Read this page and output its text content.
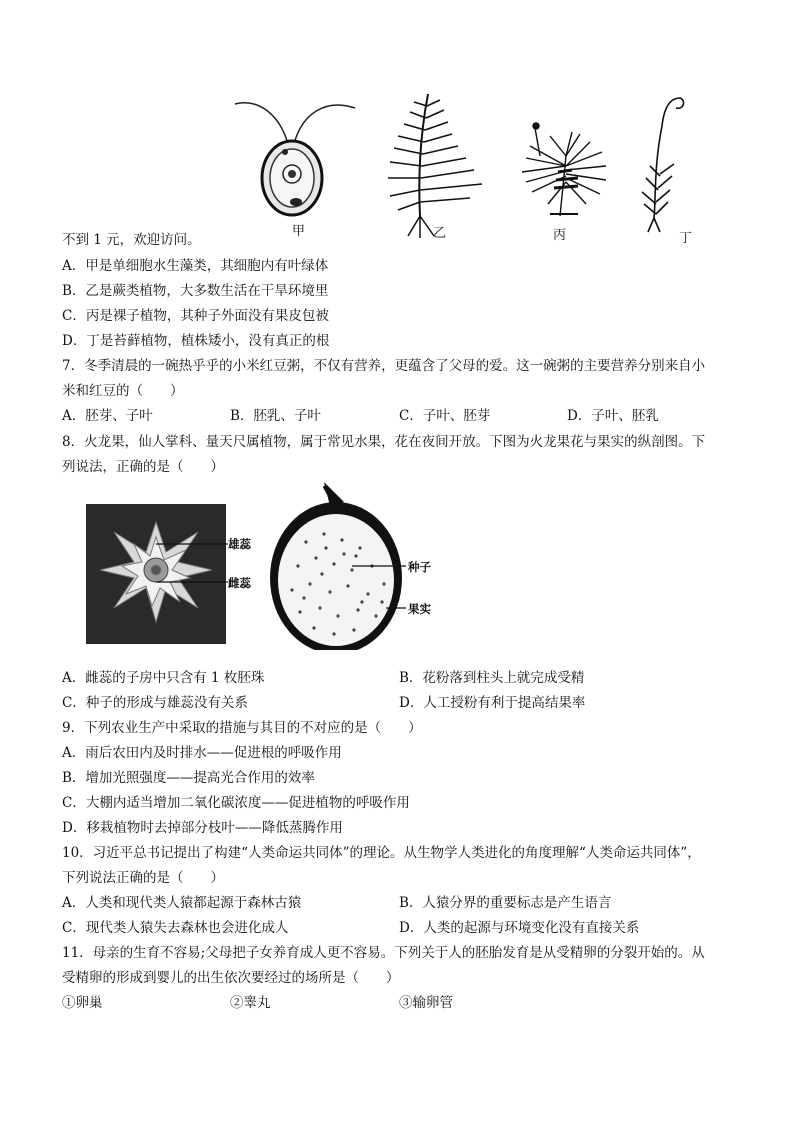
甲	乙	丙	丁
不到 1 元，欢迎访问。
A．甲是单细胞水生藻类，其细胞内有叶绿体
B．乙是蕨类植物，大多数生活在干旱环境里
C．丙是裸子植物，其种子外面没有果皮包被
D．丁是苔藓植物，植株矮小，没有真正的根
7．冬季清晨的一碗热乎乎的小米红豆粥，不仅有营养，更蕴含了父母的爱。这一碗粥的主要营养分别来自小
米和红豆的（　　）
A．胚芽、子叶	B．胚乳、子叶	C．子叶、胚芽	D．子叶、胚乳
8．火龙果，仙人掌科、量天尺属植物，属于常见水果，花在夜间开放。下图为火龙果花与果实的纵剖图。下
列说法，正确的是（　　）
雄蕊
雌蕊
种子
果实
A．雌蕊的子房中只含有 1 枚胚珠	B．花粉落到柱头上就完成受精
C．种子的形成与雄蕊没有关系	D．人工授粉有利于提高结果率
9．下列农业生产中采取的措施与其目的不对应的是（　　）
A．雨后农田内及时排水——促进根的呼吸作用
B．增加光照强度——提高光合作用的效率
C．大棚内适当增加二氧化碳浓度——促进植物的呼吸作用
D．移栽植物时去掉部分枝叶——降低蒸腾作用
10．习近平总书记提出了构建“人类命运共同体”的理论。从生物学人类进化的角度理解“人类命运共同体”，
下列说法正确的是（　　）
A．人类和现代类人猿都起源于森林古猿	B．人猿分界的重要标志是产生语言
C．现代类人猿失去森林也会进化成人	D．人类的起源与环境变化没有直接关系
11．母亲的生育不容易;父母把子女养育成人更不容易。下列关于人的胚胎发育是从受精卵的分裂开始的。从
受精卵的形成到婴儿的出生依次要经过的场所是（　　）
①卵巢	②睾丸	③输卵管
